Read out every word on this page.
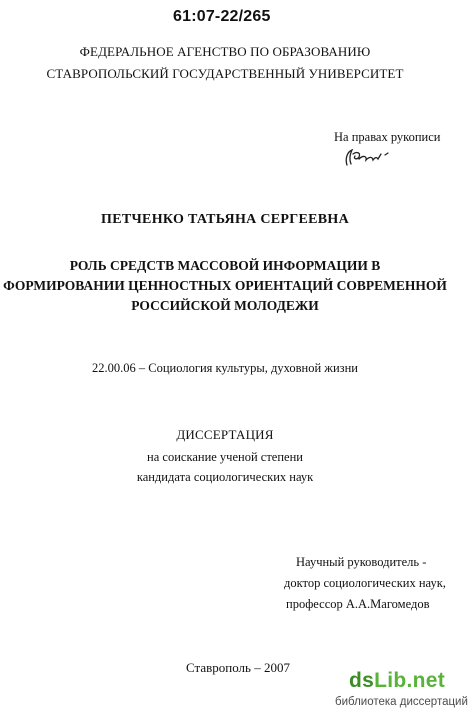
61:07-22/265
ФЕДЕРАЛЬНОЕ АГЕНСТВО ПО ОБРАЗОВАНИЮ
СТАВРОПОЛЬСКИЙ ГОСУДАРСТВЕННЫЙ УНИВЕРСИТЕТ
На правах рукописи
ПЕТЧЕНКО ТАТЬЯНА СЕРГЕЕВНА
РОЛЬ СРЕДСТВ МАССОВОЙ ИНФОРМАЦИИ В
ФОРМИРОВАНИИ ЦЕННОСТНЫХ ОРИЕНТАЦИЙ СОВРЕМЕННОЙ
РОССИЙСКОЙ МОЛОДЕЖИ
22.00.06 – Социология культуры, духовной жизни
ДИССЕРТАЦИЯ
на соискание ученой степени
кандидата социологических наук
Научный руководитель -
доктор социологических наук,
профессор А.А.Магомедов
Ставрополь – 2007
dsLib.net
библиотека диссертаций
